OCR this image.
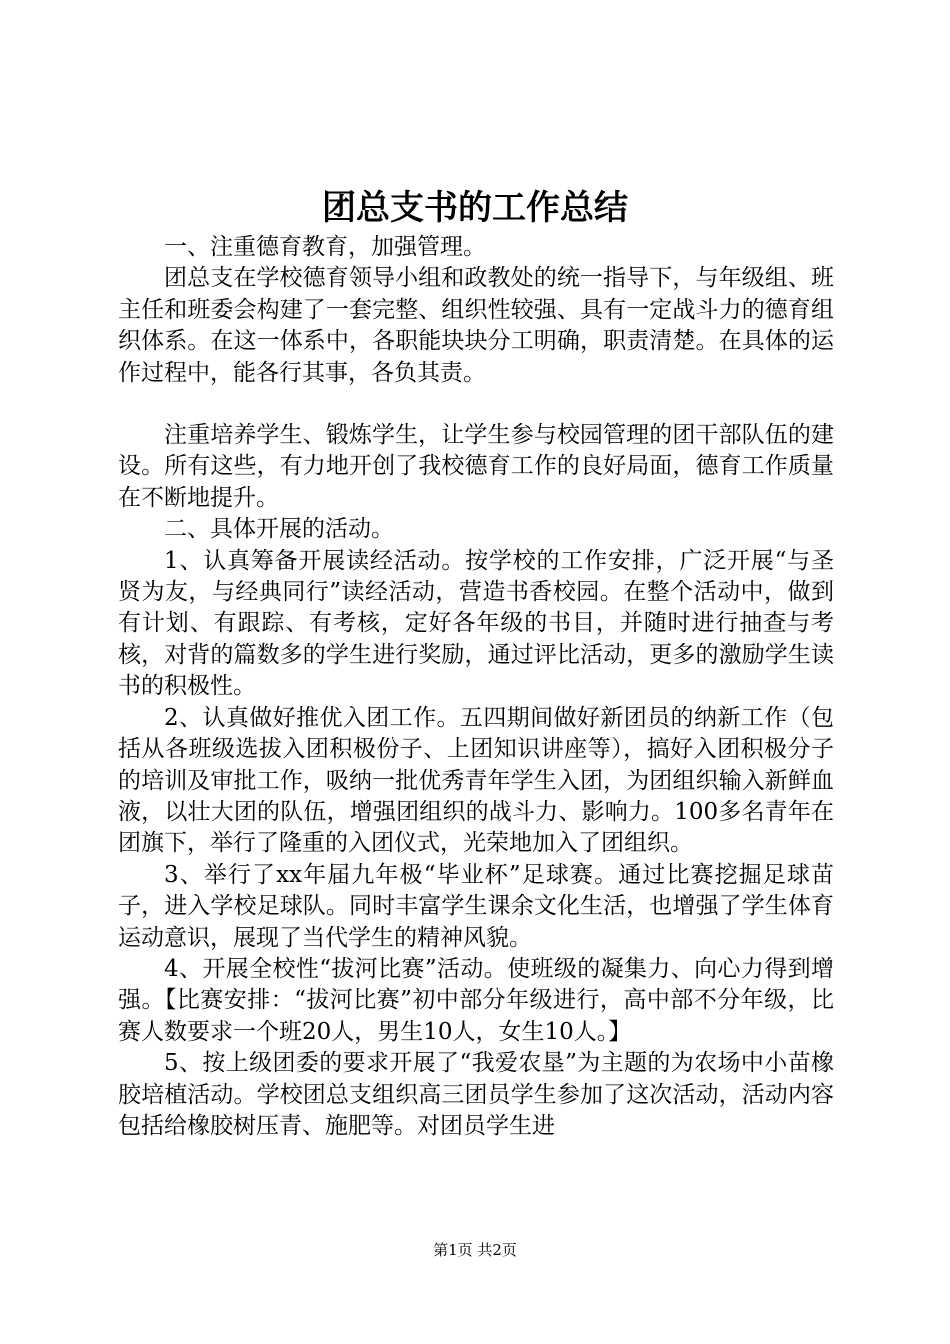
团总支书的工作总结

一、注重德育教育，加强管理。

团总支在学校德育领导小组和政教处的统一指导下，与年级组、班主任和班委会构建了一套完整、组织性较强、具有一定战斗力的德育组织体系。在这一体系中，各职能块块分工明确，职责清楚。在具体的运作过程中，能各行其事，各负其责。

注重培养学生、锻炼学生，让学生参与校园管理的团干部队伍的建设。所有这些，有力地开创了我校德育工作的良好局面，德育工作质量在不断地提升。

二、具体开展的活动。

1、认真筹备开展读经活动。按学校的工作安排，广泛开展“与圣贤为友，与经典同行”读经活动，营造书香校园。在整个活动中，做到有计划、有跟踪、有考核，定好各年级的书目，并随时进行抽查与考核，对背的篇数多的学生进行奖励，通过评比活动，更多的激励学生读书的积极性。

2、认真做好推优入团工作。五四期间做好新团员的纳新工作（包括从各班级选拔入团积极份子、上团知识讲座等），搞好入团积极分子的培训及审批工作，吸纳一批优秀青年学生入团，为团组织输入新鲜血液，以壮大团的队伍，增强团组织的战斗力、影响力。100多名青年在团旗下，举行了隆重的入团仪式，光荣地加入了团组织。

3、举行了xx年届九年极“毕业杯”足球赛。通过比赛挖掘足球苗子，进入学校足球队。同时丰富学生课余文化生活，也增强了学生体育运动意识，展现了当代学生的精神风貌。

4、开展全校性“拔河比赛”活动。使班级的凝集力、向心力得到增强。【比赛安排：“拔河比赛”初中部分年级进行，高中部不分年级，比赛人数要求一个班20人，男生10人，女生10人。】

5、按上级团委的要求开展了“我爱农垦”为主题的为农场中小苗橡胶培植活动。学校团总支组织高三团员学生参加了这次活动，活动内容包括给橡胶树压青、施肥等。对团员学生进

第1页 共2页
